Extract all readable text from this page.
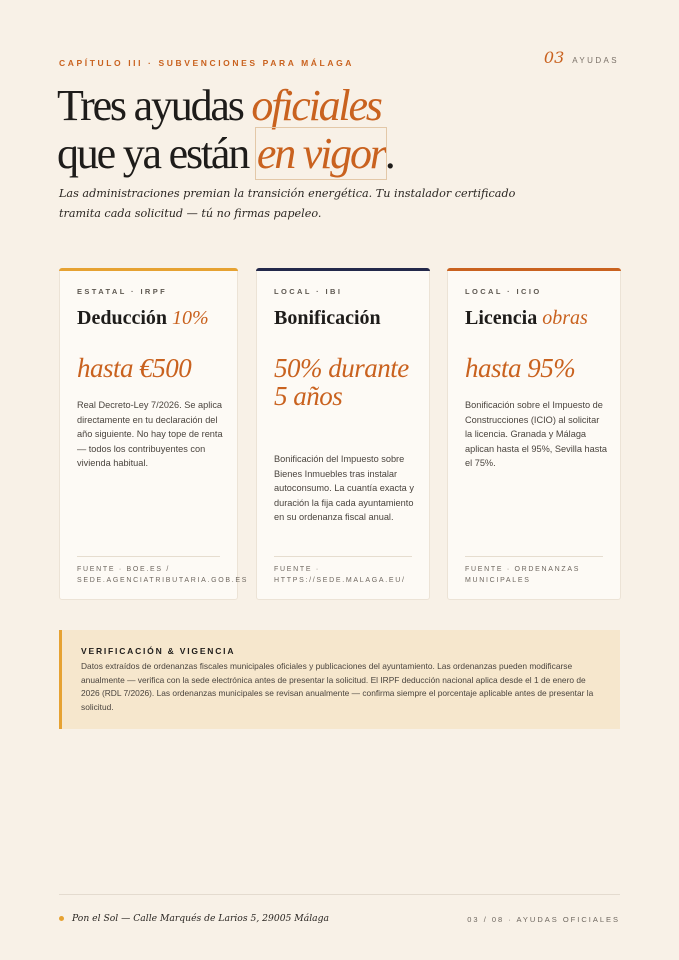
CAPÍTULO III · SUBVENCIONES PARA MÁLAGA	03 AYUDAS
Tres ayudas oficiales
que ya están en vigor.

Las administraciones premian la transición energética. Tu instalador certificado tramita cada solicitud — tú no firmas papeleo.

ESTATAL · IRPF
Deducción 10%

hasta €500

Real Decreto-Ley 7/2026. Se aplica directamente en tu declaración del año siguiente. No hay tope de renta — todos los contribuyentes con vivienda habitual.

FUENTE · BOE.ES / SEDE.AGENCIATRIBUTARIA.GOB.ES
LOCAL · IBI
Bonificación

50% durante 5 años

Bonificación del Impuesto sobre Bienes Inmuebles tras instalar autoconsumo. La cuantía exacta y duración la fija cada ayuntamiento en su ordenanza fiscal anual.

FUENTE · HTTPS://SEDE.MALAGA.EU/
LOCAL · ICIO
Licencia obras

hasta 95%

Bonificación sobre el Impuesto de Construcciones (ICIO) al solicitar la licencia. Granada y Málaga aplican hasta el 95%, Sevilla hasta el 75%.

FUENTE · ORDENANZAS MUNICIPALES
VERIFICACIÓN & VIGENCIA

Datos extraídos de ordenanzas fiscales municipales oficiales y publicaciones del ayuntamiento. Las ordenanzas pueden modificarse anualmente — verifica con la sede electrónica antes de presentar la solicitud. El IRPF deducción nacional aplica desde el 1 de enero de 2026 (RDL 7/2026). Las ordenanzas municipales se revisan anualmente — confirma siempre el porcentaje aplicable antes de presentar la solicitud.

Pon el Sol — Calle Marqués de Larios 5, 29005 Málaga	03 / 08 · AYUDAS OFICIALES
